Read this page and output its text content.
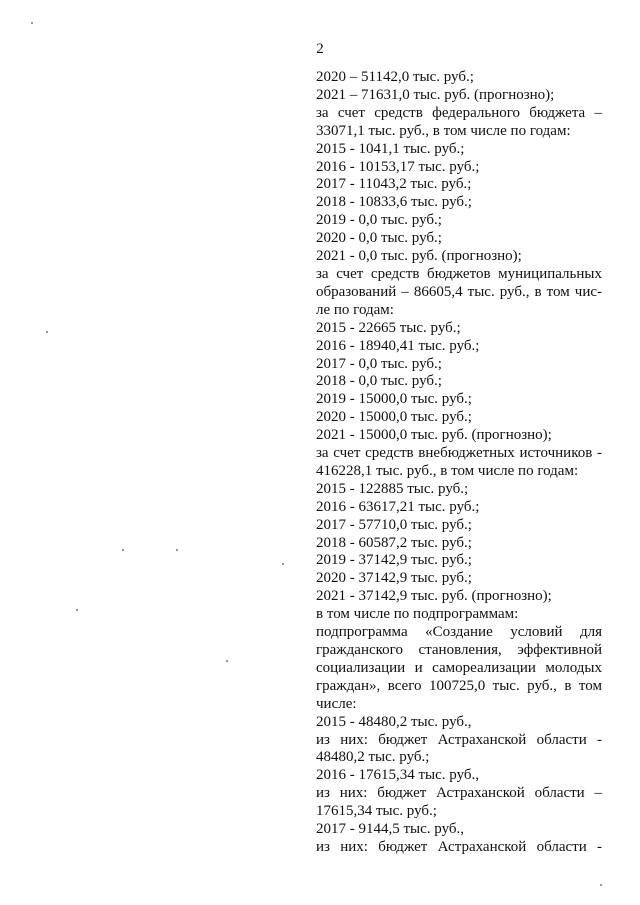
2
2020 – 51142,0 тыс. руб.;
2021 – 71631,0 тыс. руб. (прогнозно);
за счет средств федерального бюджета –
33071,1 тыс. руб., в том числе по годам:
2015 - 1041,1 тыс. руб.;
2016 - 10153,17 тыс. руб.;
2017 - 11043,2 тыс. руб.;
2018 - 10833,6 тыс. руб.;
2019 - 0,0 тыс. руб.;
2020 - 0,0 тыс. руб.;
2021 - 0,0 тыс. руб. (прогнозно);
за счет средств бюджетов муниципальных
образований – 86605,4 тыс. руб., в том чис-
ле по годам:
2015 - 22665 тыс. руб.;
2016 - 18940,41 тыс. руб.;
2017 - 0,0 тыс. руб.;
2018 - 0,0 тыс. руб.;
2019 - 15000,0 тыс. руб.;
2020 - 15000,0 тыс. руб.;
2021 - 15000,0 тыс. руб. (прогнозно);
за счет средств внебюджетных источников -
416228,1 тыс. руб., в том числе по годам:
2015 - 122885 тыс. руб.;
2016 - 63617,21 тыс. руб.;
2017 - 57710,0 тыс. руб.;
2018 - 60587,2 тыс. руб.;
2019 - 37142,9 тыс. руб.;
2020 - 37142,9 тыс. руб.;
2021 - 37142,9 тыс. руб. (прогнозно);
в том числе по подпрограммам:
подпрограмма «Создание условий для
гражданского становления, эффективной
социализации и самореализации молодых
граждан», всего 100725,0 тыс. руб., в том
числе:
2015 - 48480,2 тыс. руб.,
из них: бюджет Астраханской области -
48480,2 тыс. руб.;
2016 - 17615,34 тыс. руб.,
из них: бюджет Астраханской области –
17615,34 тыс. руб.;
2017 - 9144,5 тыс. руб.,
из них: бюджет Астраханской области -
